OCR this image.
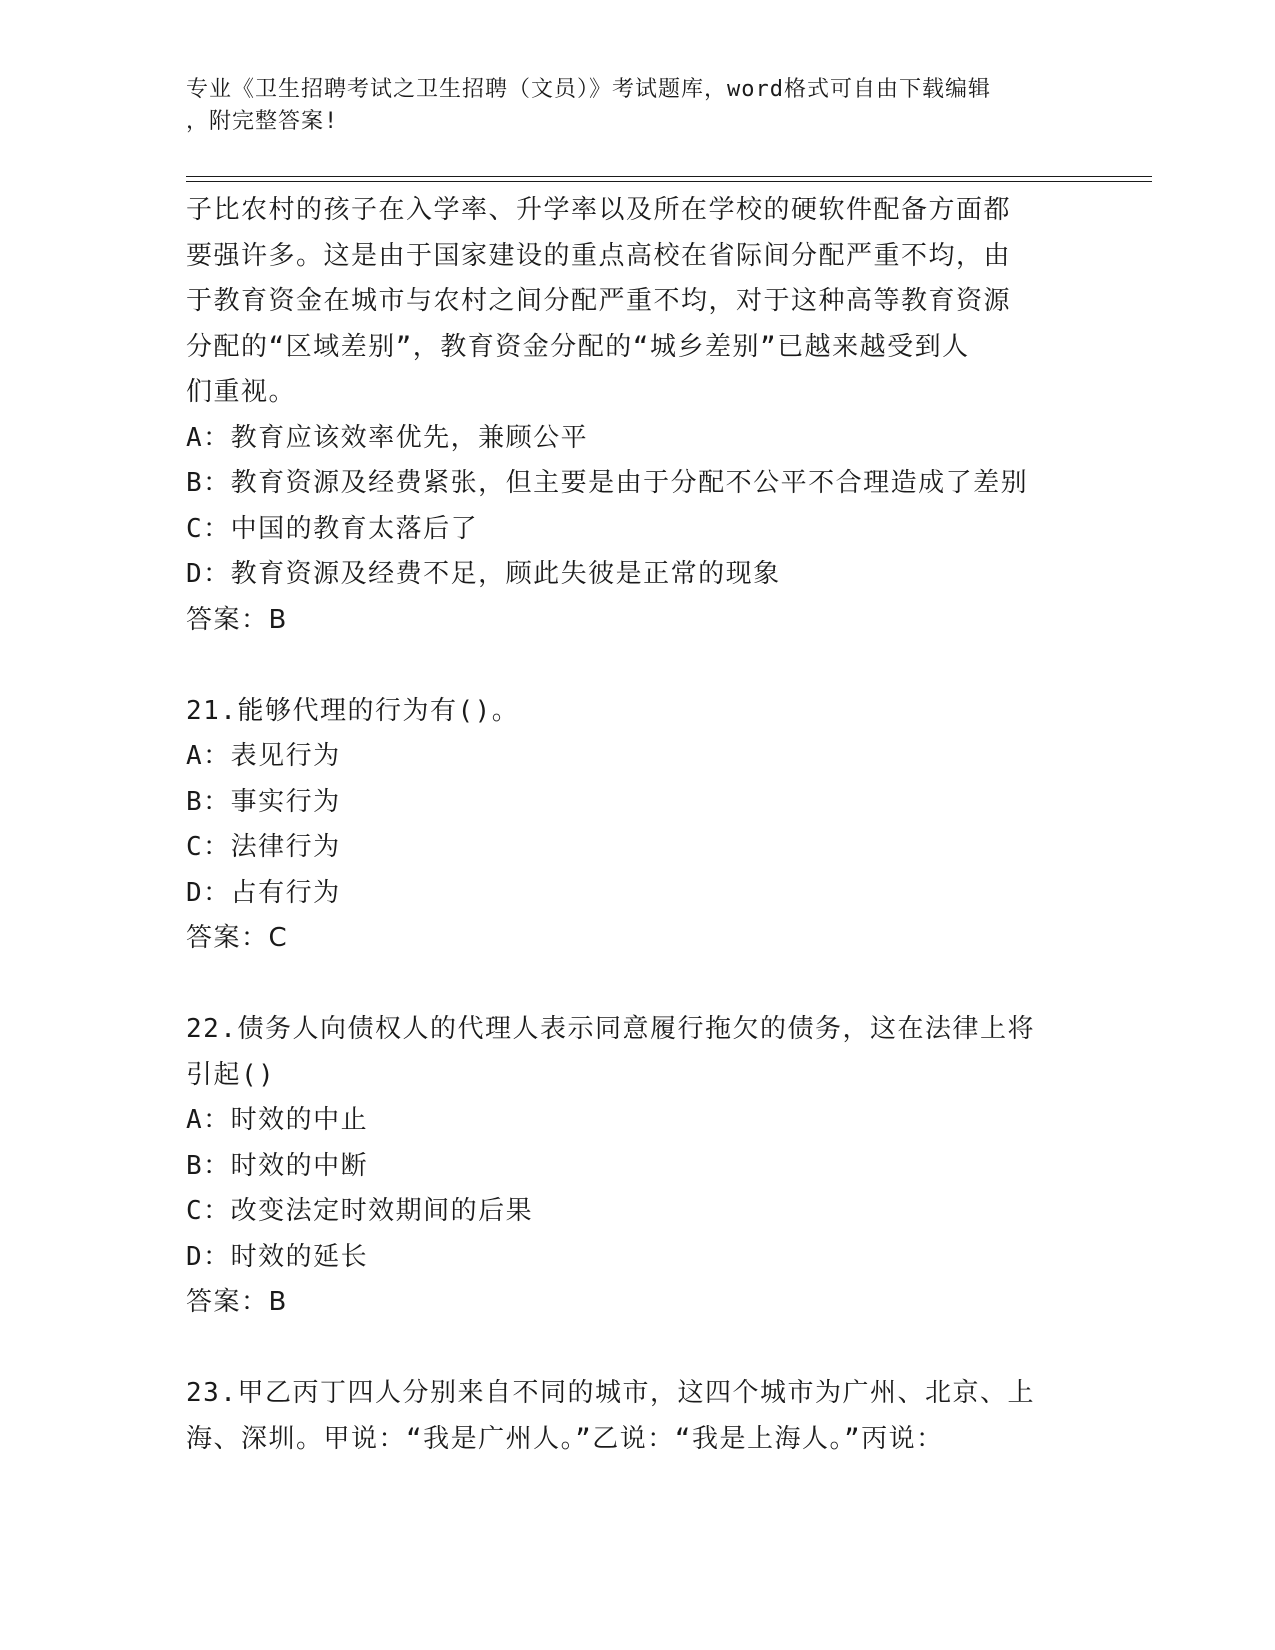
专业《卫生招聘考试之卫生招聘（文员）》考试题库，word格式可自由下载编辑
，附完整答案!
子比农村的孩子在入学率、升学率以及所在学校的硬软件配备方面都
要强许多。这是由于国家建设的重点高校在省际间分配严重不均，由
于教育资金在城市与农村之间分配严重不均，对于这种高等教育资源
分配的“区域差别”，教育资金分配的“城乡差别”已越来越受到人
们重视。
A：教育应该效率优先，兼顾公平
B：教育资源及经费紧张，但主要是由于分配不公平不合理造成了差别
C：中国的教育太落后了
D：教育资源及经费不足，顾此失彼是正常的现象
答案：B
21.能够代理的行为有()。
A：表见行为
B：事实行为
C：法律行为
D：占有行为
答案：C
22.债务人向债权人的代理人表示同意履行拖欠的债务，这在法律上将
引起()
A：时效的中止
B：时效的中断
C：改变法定时效期间的后果
D：时效的延长
答案：B
23.甲乙丙丁四人分别来自不同的城市，这四个城市为广州、北京、上
海、深圳。甲说：“我是广州人。”乙说：“我是上海人。”丙说：
